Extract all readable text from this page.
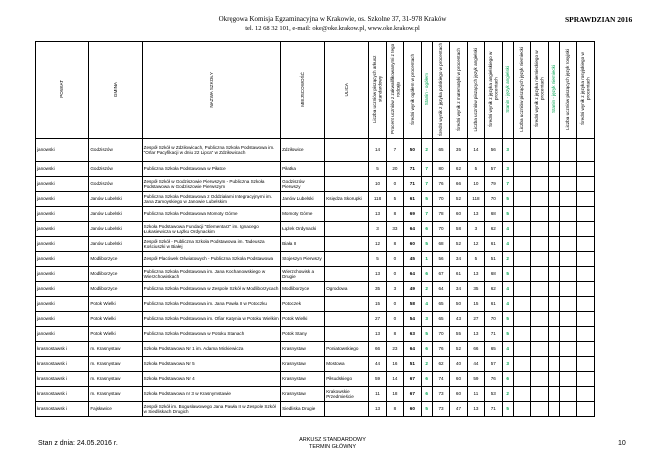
Okręgowa Komisja Egzaminacyjna w Krakowie, os. Szkolne 37, 31-978 Kraków
tel. 12 68 32 101, e-mail: oke@oke.krakow.pl, www.oke.krakow.pl
SPRAWDZIAN 2016
POWIAT	GMINA	NAZWA SZKOŁY	MIEJSCOWOŚĆ	ULICA	Liczba uczniów piszących arkusz standardowy	Procent uczniów z zakwalifikowanymi z tego rodzaju	Średni wynik ogółem w procentach	Stanin - ogółem	Średni wynik z języka polskiego w procentach	Średni wynik z matematyki w procentach	Liczba uczniów piszących język angielski	Średni wynik z języka angielskiego w procentach	Stanin - język angielski	Liczba uczniów piszących język niemiecki	Średni wynik z języka niemieckiego w procentach	Stanin - język niemiecki	Liczba uczniów piszących język rosyjski	Średni wynik z języka rosyjskiego w procentach
janowski	Godziszów	Zespół Szkół w Zdziłowicach, Publiczna Szkoła Podstawowa im. "Orlar Pacyfikacji w dniu 22 Lipca" w Zdziłowicach	Zdziłowice		14	7	50	2	65	35	14	56	3					
janowski	Godziszów	Publiczna Szkoła Podstawowa w Piłatce	Piłatka		5	20	71	7	80	62	5	57	3					
janowski	Godziszów	Zespół Szkół w Godziszowie Pierwszym - Publiczna Szkoła Podstawowa w Godziszowie Pierwszym	Godziszów Pierwszy		10	0	71	7	76	66	10	79	7					
janowski	Janów Lubelski	Publiczna Szkoła Podstawowa z Oddziałami Integracyjnymi im. Jana Zamoyskiego w Janowie Lubelskim	Janów Lubelski	Księdza Skorupki	118	5	61	5	70	52	118	70	5					
janowski	Janów Lubelski	Publiczna Szkoła Podstawowa Momoty Górne	Momoty Górne		13	8	69	7	78	60	13	68	5					
janowski	Janów Lubelski	Szkoła Podstawowa Fundacji "Elementarz" im. Ignacego Łukasiewicza w Łążku Ordynackim	Łążek Ordynacki		3	33	64	6	70	58	3	62	4					
janowski	Janów Lubelski	Zespół Szkół - Publiczna Szkoła Podstawowa im. Tadeusza Kościuszki w Białej	Biała II		12	8	60	5	68	52	12	61	4					
janowski	Modliborzyce	Zespół Placówek Oświatowych - Publiczna Szkoła Podstawowa	Stojeszyn Pierwszy		5	0	45	1	56	34	5	51	2					
janowski	Modliborzyce	Publiczna Szkoła Podstawowa im. Jana Kochanowskiego w Wierzchowiskach	Wierzchowisk a Drugie		13	0	64	6	67	61	13	68	5					
janowski	Modliborzyce	Publiczna Szkoła Podstawowa w Zespole Szkół w Modliborzycach	Modliborzyce	Ogrodowa	35	3	49	2	64	34	35	62	4					
janowski	Potok Wielki	Publiczna Szkoła Podstawowa im. Jana Pawła II w Potoczku	Potoczek		15	0	58	4	65	50	15	61	4					
janowski	Potok Wielki	Publiczna Szkoła Podstawowa im. Ofiar Katynia w Potoku Wielkim	Potok Wielki		27	0	54	3	65	43	27	70	5					
janowski	Potok Wielki	Publiczna Szkoła Podstawowa w Potoku Stanach	Potok Stany		13	8	63	5	70	55	13	71	5					
krasnostawsk i	m. Krasnystaw	Szkoła Podstawowa Nr 1 im. Adama Mickiewicza	Krasnystaw	Poniatowskiego	66	23	64	6	76	52	66	65	4					
krasnostawsk i	m. Krasnystaw	Szkoła Podstawowa Nr 5	Krasnystaw	Mostowa	44	16	51	2	62	40	44	57	3					
krasnostawsk i	m. Krasnystaw	Szkoła Podstawowa Nr 4	Krasnystaw	Piłsudskiego	59	14	67	6	74	60	59	76	6					
krasnostawsk i	m. Krasnystaw	Szkoła Podstawowa nr 3 w Krasnymstawie	Krasnystaw	Krakowskie Przedmieście	11	18	67	6	73	60	11	53	2					
krasnostawsk i	Fajsławice	Zespół Szkół im. Bogusławowego Jana Pawła II w Zespole Szkół w Siedliskach Drugich	Siedliska Drugie		13	8	60	5	73	47	13	71	5					
Stan z dnia: 24.05.2016 r.	ARKUSZ STANDARDOWY
TERMIN GŁÓWNY	10
